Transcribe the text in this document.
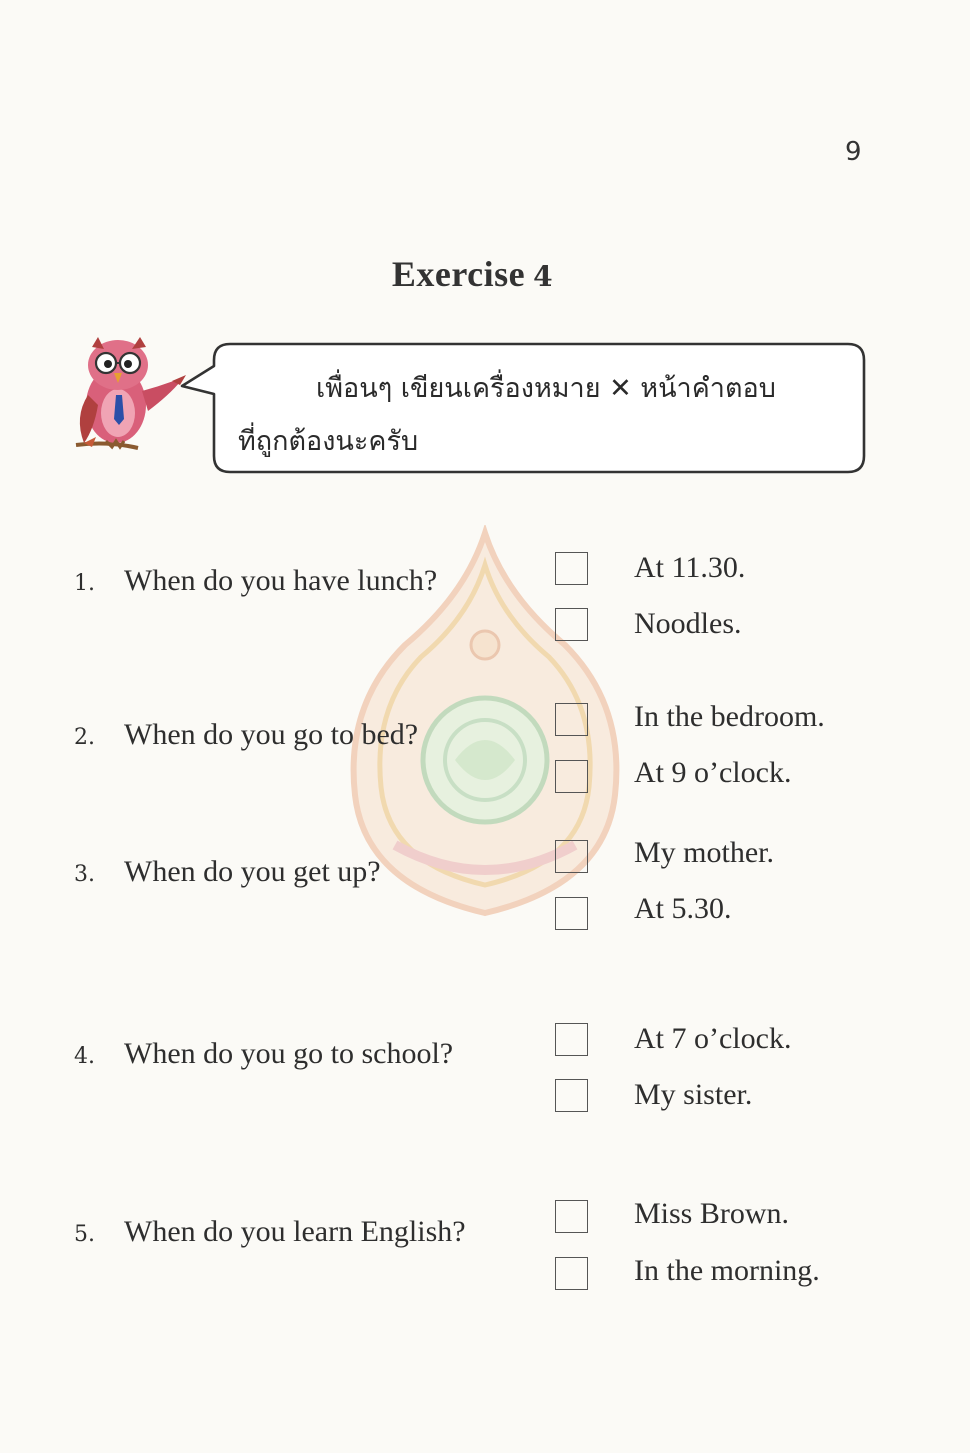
9
Exercise 4
เพื่อนๆ เขียนเครื่องหมาย ✕ หน้าคำตอบ
ที่ถูกต้องนะครับ
1. When do you have lunch?	At 11.30.
Noodles.
2. When do you go to bed?
In the bedroom.
At 9 o’clock.
3. When do you get up?
My mother.
At 5.30.
4. When do you go to school?	At 7 o’clock.
My sister.
5. When do you learn English?
Miss Brown.
In the morning.
